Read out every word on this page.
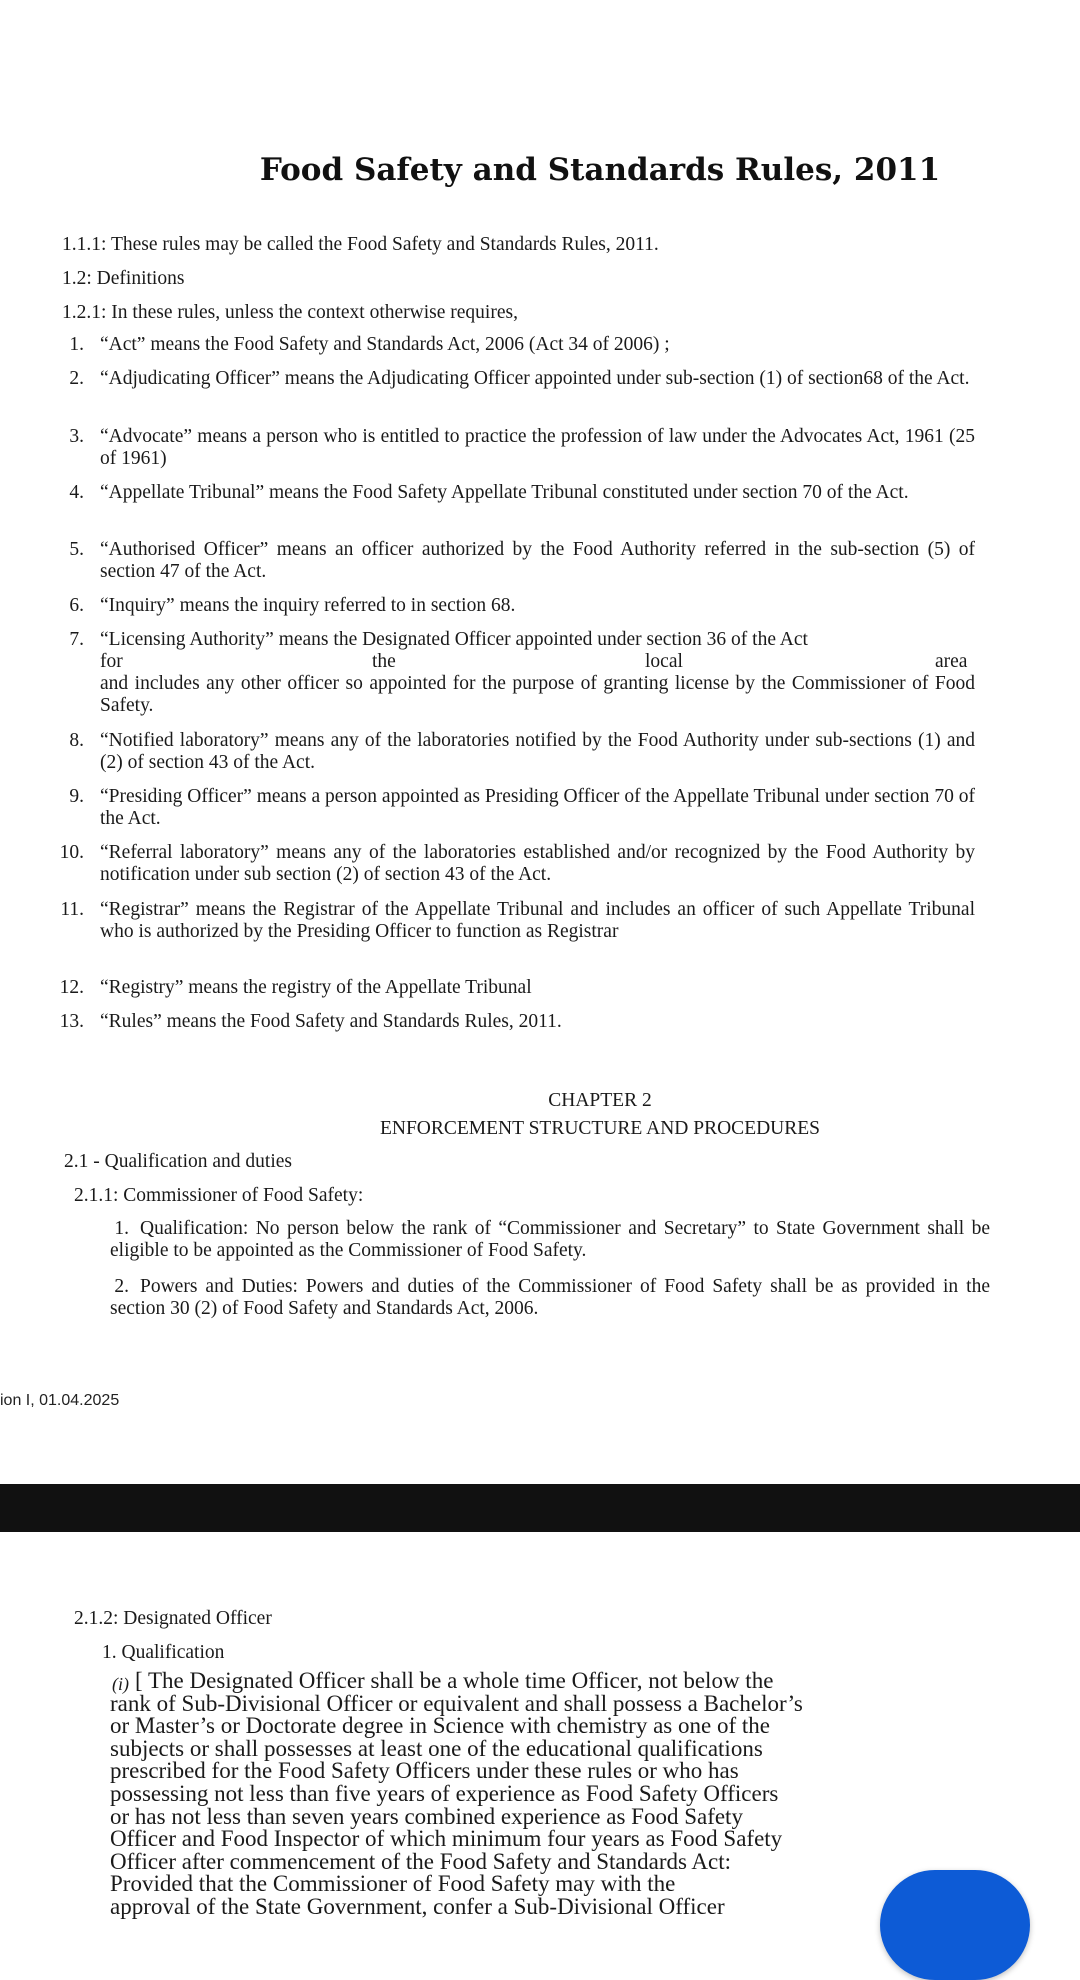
Food Safety and Standards Rules, 2011
1.1.1: These rules may be called the Food Safety and Standards Rules, 2011.
1.2: Definitions
1.2.1: In these rules, unless the context otherwise requires,
1. “Act” means the Food Safety and Standards Act, 2006 (Act 34 of 2006) ;
2. “Adjudicating Officer” means the Adjudicating Officer appointed under sub-section (1) of section68 of the Act.
3. “Advocate” means a person who is entitled to practice the profession of law under the Advocates Act, 1961 (25 of 1961)
4. “Appellate Tribunal” means the Food Safety Appellate Tribunal constituted under section 70 of the Act.
5. “Authorised Officer” means an officer authorized by the Food Authority referred in the sub-section (5) of section 47 of the Act.
6. “Inquiry” means the inquiry referred to in section 68.
7. “Licensing Authority” means the Designated Officer appointed under section 36 of the Act
for	the	local	area
and includes any other officer so appointed for the purpose of granting license by the Commissioner of Food Safety.
8. “Notified laboratory” means any of the laboratories notified by the Food Authority under sub-sections (1) and (2) of section 43 of the Act.
9. “Presiding Officer” means a person appointed as Presiding Officer of the Appellate Tribunal under section 70 of the Act.
10. “Referral laboratory” means any of the laboratories established and/or recognized by the Food Authority by notification under sub section (2) of section 43 of the Act.
11. “Registrar” means the Registrar of the Appellate Tribunal and includes an officer of such Appellate Tribunal who is authorized by the Presiding Officer to function as Registrar
12. “Registry” means the registry of the Appellate Tribunal
13. “Rules” means the Food Safety and Standards Rules, 2011.
CHAPTER 2
ENFORCEMENT STRUCTURE AND PROCEDURES
2.1 - Qualification and duties
2.1.1: Commissioner of Food Safety:
1. Qualification: No person below the rank of “Commissioner and Secretary” to State Government shall be eligible to be appointed as the Commissioner of Food Safety.
2. Powers and Duties: Powers and duties of the Commissioner of Food Safety shall be as provided in the section 30 (2) of Food Safety and Standards Act, 2006.
ion I, 01.04.2025
2.1.2: Designated Officer
1. Qualification
(i) [ The Designated Officer shall be a whole time Officer, not below the
rank of Sub-Divisional Officer or equivalent and shall possess a Bachelor’s
or Master’s or Doctorate degree in Science with chemistry as one of the
subjects or shall possesses at least one of the educational qualifications
prescribed for the Food Safety Officers under these rules or who has
possessing not less than five years of experience as Food Safety Officers
or has not less than seven years combined experience as Food Safety
Officer and Food Inspector of which minimum four years as Food Safety
Officer after commencement of the Food Safety and Standards Act:
Provided that the Commissioner of Food Safety may with the
approval of the State Government, confer a Sub-Divisional Officer
